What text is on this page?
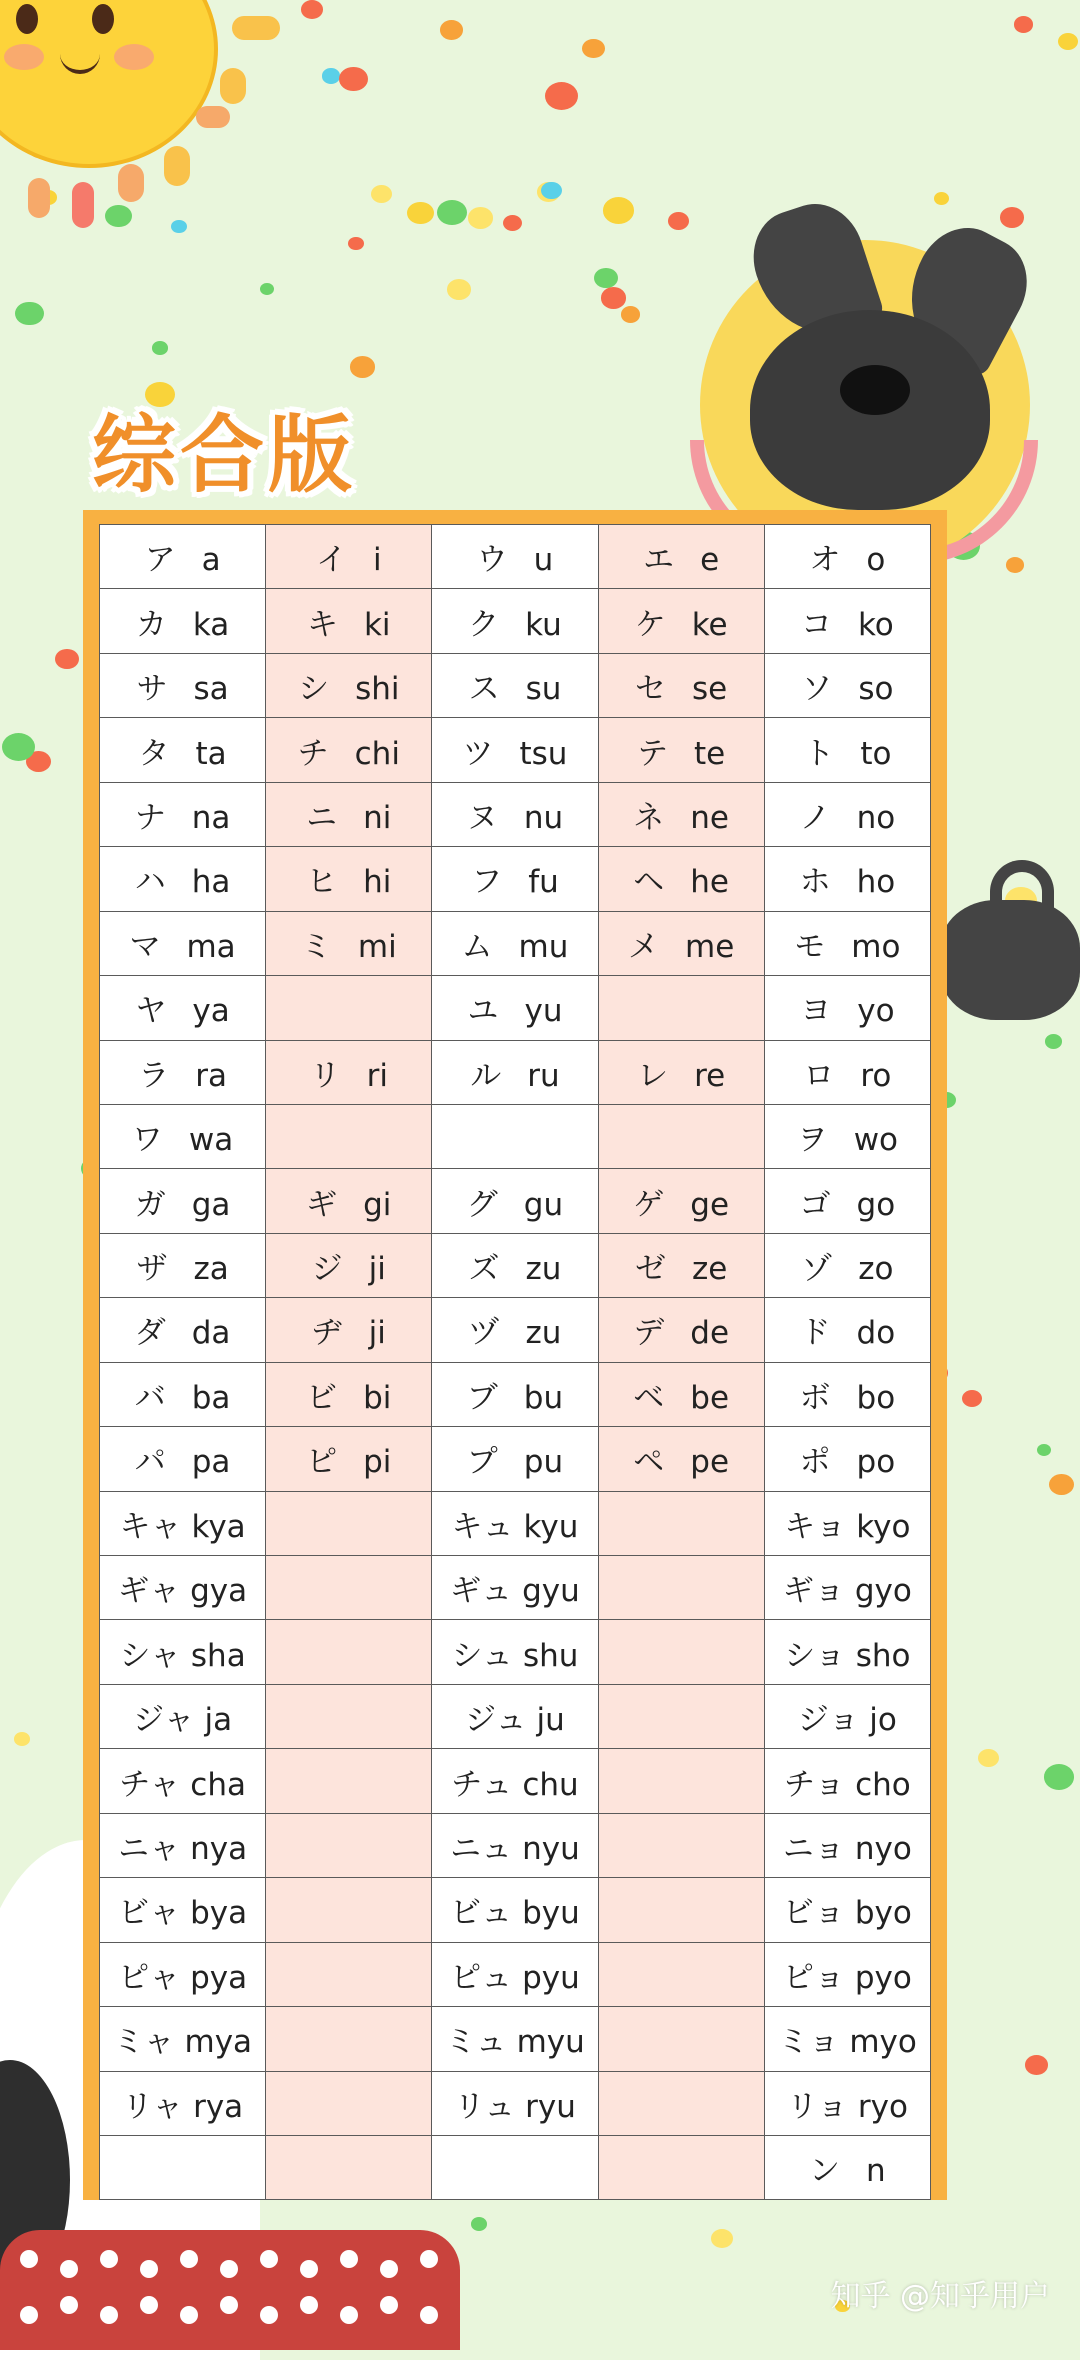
综合版
ア a	イ i	ウ u	エ e	オ o
カ ka	キ ki	ク ku	ケ ke	コ ko
サ sa	シ shi	ス su	セ se	ソ so
タ ta	チ chi	ツ tsu	テ te	ト to
ナ na	ニ ni	ヌ nu	ネ ne	ノ no
ハ ha	ヒ hi	フ fu	ヘ he	ホ ho
マ ma	ミ mi	ム mu	メ me	モ mo
ヤ ya		ユ yu		ヨ yo
ラ ra	リ ri	ル ru	レ re	ロ ro
ワ wa				ヲ wo
ガ ga	ギ gi	グ gu	ゲ ge	ゴ go
ザ za	ジ ji	ズ zu	ゼ ze	ゾ zo
ダ da	ヂ ji	ヅ zu	デ de	ド do
バ ba	ビ bi	ブ bu	ベ be	ボ bo
パ pa	ピ pi	プ pu	ペ pe	ポ po
キャ kya		キュ kyu		キョ kyo
ギャ gya		ギュ gyu		ギョ gyo
シャ sha		シュ shu		ショ sho
ジャ ja		ジュ ju		ジョ jo
チャ cha		チュ chu		チョ cho
ニャ nya		ニュ nyu		ニョ nyo
ビャ bya		ビュ byu		ビョ byo
ピャ pya		ピュ pyu		ピョ pyo
ミャ mya		ミュ myu		ミョ myo
リャ rya		リュ ryu		リョ ryo
				ン n
知乎 @知乎用户
